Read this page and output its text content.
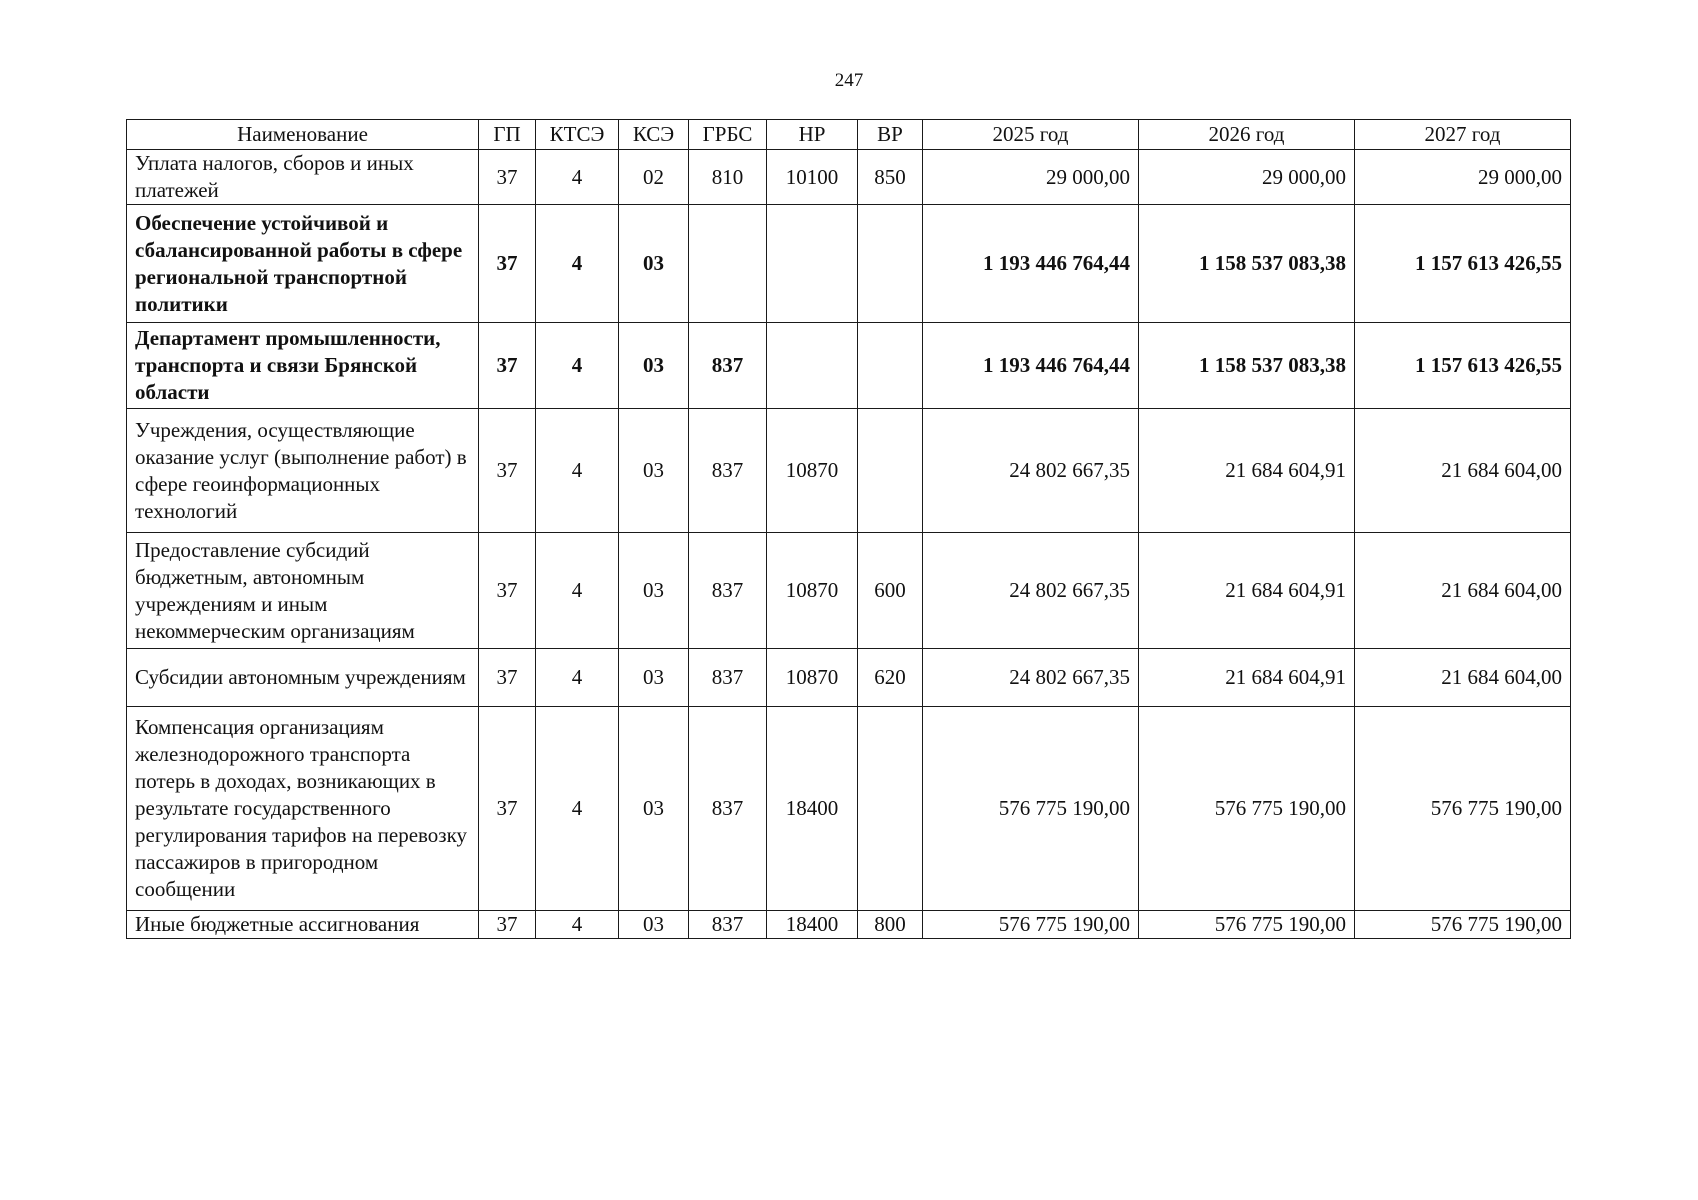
247
Наименование	ГП	КТСЭ	КСЭ	ГРБС	НР	ВР	2025 год	2026 год	2027 год
Уплата налогов, сборов и иных платежей	37	4	02	810	10100	850	29 000,00	29 000,00	29 000,00
Обеспечение устойчивой и сбалансированной работы в сфере региональной транспортной политики	37	4	03				1 193 446 764,44	1 158 537 083,38	1 157 613 426,55
Департамент промышленности, транспорта и связи Брянской области	37	4	03	837			1 193 446 764,44	1 158 537 083,38	1 157 613 426,55
Учреждения, осуществляющие оказание услуг (выполнение работ) в сфере геоинформационных технологий	37	4	03	837	10870		24 802 667,35	21 684 604,91	21 684 604,00
Предоставление субсидий бюджетным, автономным учреждениям и иным некоммерческим организациям	37	4	03	837	10870	600	24 802 667,35	21 684 604,91	21 684 604,00
Субсидии автономным учреждениям	37	4	03	837	10870	620	24 802 667,35	21 684 604,91	21 684 604,00
Компенсация организациям железнодорожного транспорта потерь в доходах, возникающих в результате государственного регулирования тарифов на перевозку пассажиров в пригородном сообщении	37	4	03	837	18400		576 775 190,00	576 775 190,00	576 775 190,00
Иные бюджетные ассигнования	37	4	03	837	18400	800	576 775 190,00	576 775 190,00	576 775 190,00
